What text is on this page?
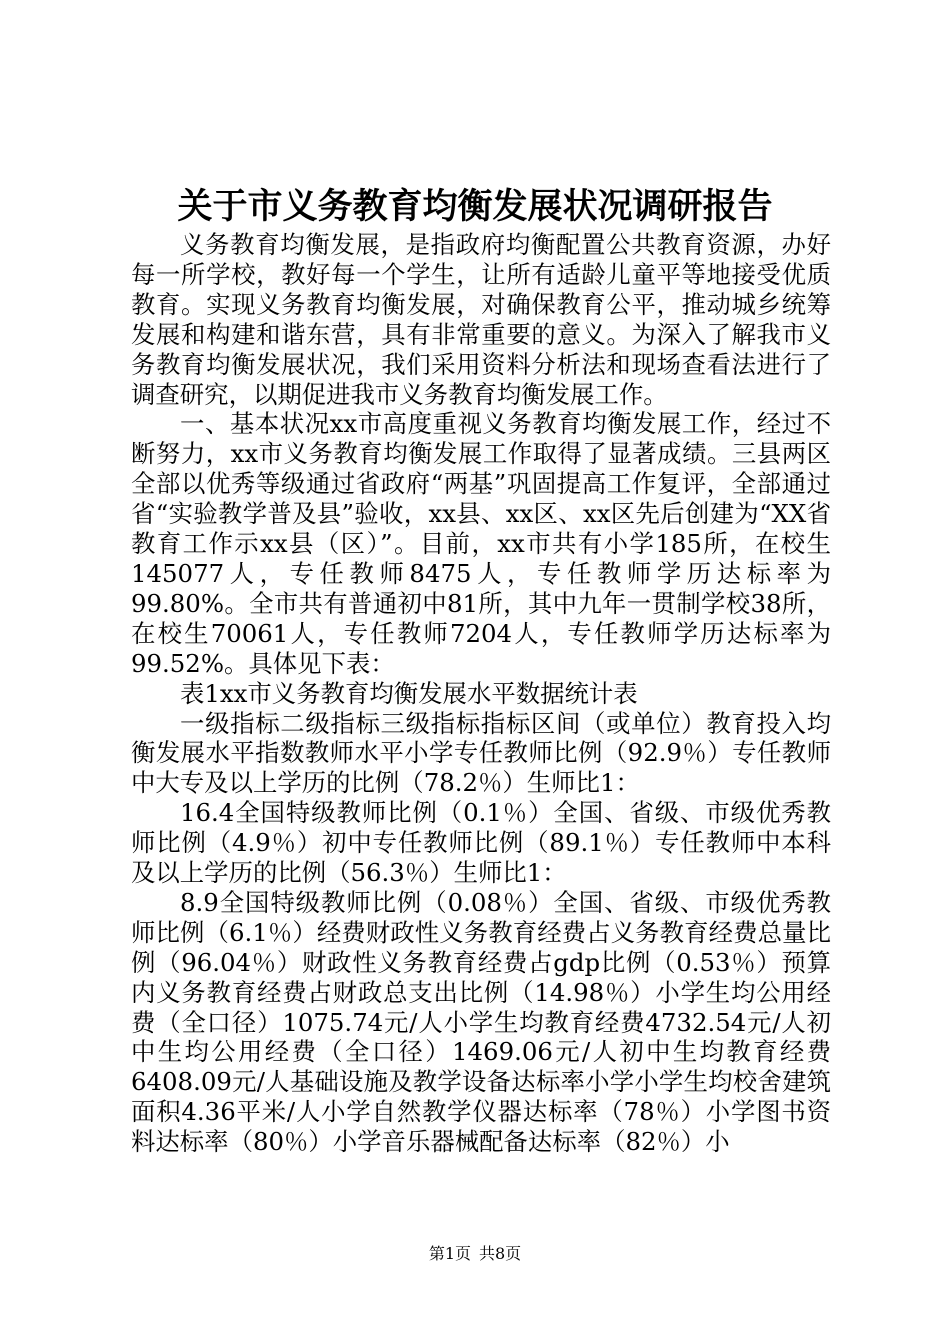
关于市义务教育均衡发展状况调研报告

义务教育均衡发展，是指政府均衡配置公共教育资源，办好每一所学校，教好每一个学生，让所有适龄儿童平等地接受优质教育。实现义务教育均衡发展，对确保教育公平，推动城乡统筹发展和构建和谐东营，具有非常重要的意义。为深入了解我市义务教育均衡发展状况，我们采用资料分析法和现场查看法进行了调查研究，以期促进我市义务教育均衡发展工作。

一、基本状况xx市高度重视义务教育均衡发展工作，经过不断努力，xx市义务教育均衡发展工作取得了显著成绩。三县两区全部以优秀等级通过省政府“两基”巩固提高工作复评，全部通过省“实验教学普及县”验收，xx县、xx区、xx区先后创建为“XX省教育工作示xx县（区）”。目前，xx市共有小学185所，在校生145077人，专任教师8475人，专任教师学历达标率为99.80%。全市共有普通初中81所，其中九年一贯制学校38所，在校生70061人，专任教师7204人，专任教师学历达标率为99.52%。具体见下表：

表1xx市义务教育均衡发展水平数据统计表

一级指标二级指标三级指标指标区间（或单位）教育投入均衡发展水平指数教师水平小学专任教师比例（92.9％）专任教师中大专及以上学历的比例（78.2％）生师比1：

16.4全国特级教师比例（0.1％）全国、省级、市级优秀教师比例（4.9％）初中专任教师比例（89.1％）专任教师中本科及以上学历的比例（56.3％）生师比1：

8.9全国特级教师比例（0.08％）全国、省级、市级优秀教师比例（6.1％）经费财政性义务教育经费占义务教育经费总量比例（96.04％）财政性义务教育经费占gdp比例（0.53％）预算内义务教育经费占财政总支出比例（14.98％）小学生均公用经费（全口径）1075.74元/人小学生均教育经费4732.54元/人初中生均公用经费（全口径）1469.06元/人初中生均教育经费6408.09元/人基础设施及教学设备达标率小学小学生均校舍建筑面积4.36平米/人小学自然教学仪器达标率（78％）小学图书资料达标率（80％）小学音乐器械配备达标率（82％）小

第1页 共8页
